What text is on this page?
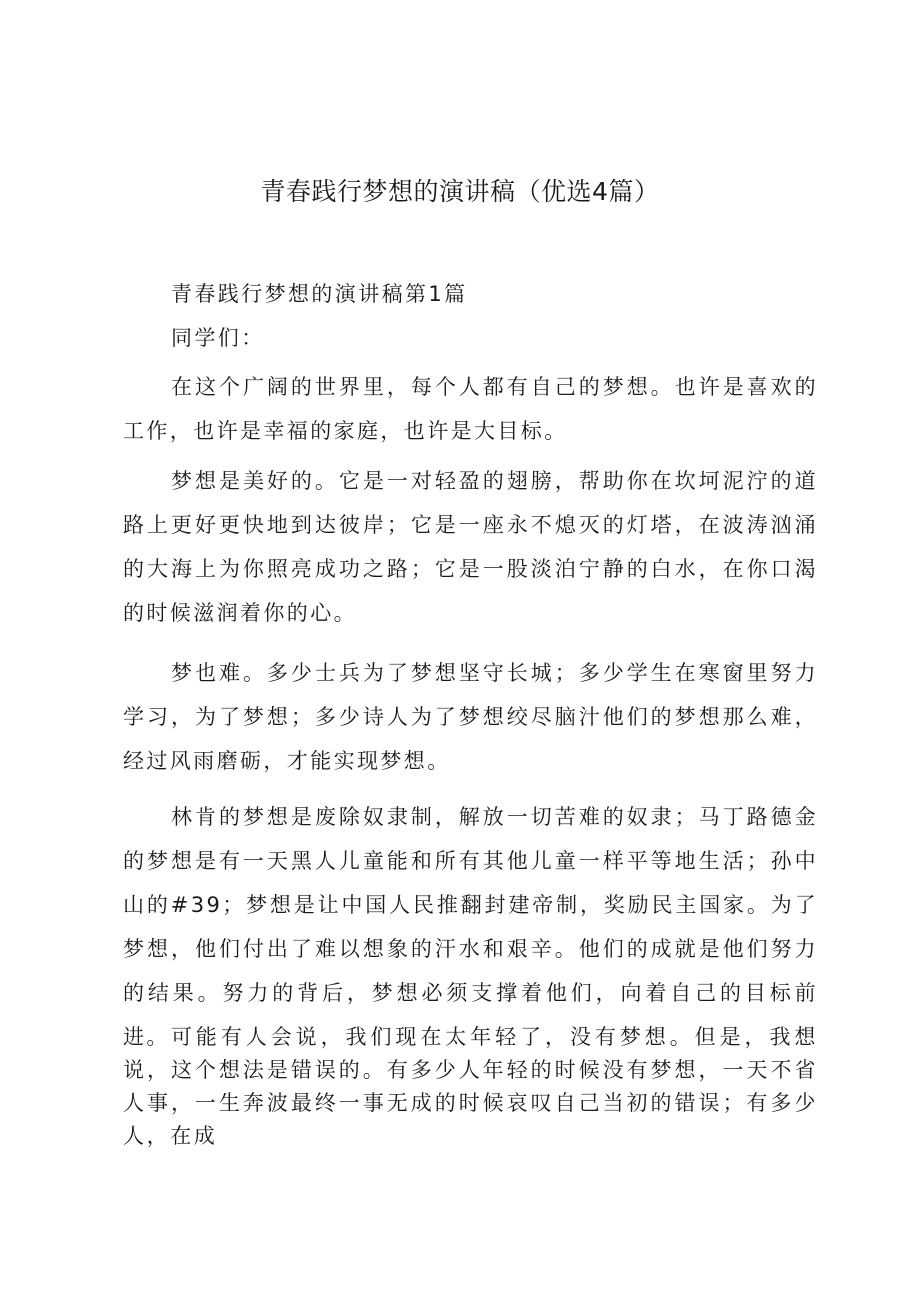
青春践行梦想的演讲稿（优选4篇）

青春践行梦想的演讲稿第1篇

同学们：

在这个广阔的世界里，每个人都有自己的梦想。也许是喜欢的工作，也许是幸福的家庭，也许是大目标。

梦想是美好的。它是一对轻盈的翅膀，帮助你在坎坷泥泞的道路上更好更快地到达彼岸；它是一座永不熄灭的灯塔，在波涛汹涌的大海上为你照亮成功之路；它是一股淡泊宁静的白水，在你口渴的时候滋润着你的心。

梦也难。多少士兵为了梦想坚守长城；多少学生在寒窗里努力学习，为了梦想；多少诗人为了梦想绞尽脑汁他们的梦想那么难，经过风雨磨砺，才能实现梦想。

林肯的梦想是废除奴隶制，解放一切苦难的奴隶；马丁路德金的梦想是有一天黑人儿童能和所有其他儿童一样平等地生活；孙中山的#39；梦想是让中国人民推翻封建帝制，奖励民主国家。为了梦想，他们付出了难以想象的汗水和艰辛。他们的成就是他们努力的结果。努力的背后，梦想必须支撑着他们，向着自己的目标前进。 可能有人会说，我们现在太年轻了，没有梦想。但是，我想说，这个想法是错误的。有多少人年轻的时候没有梦想，一天不省人事，一生奔波最终一事无成的时候哀叹自己当初的错误；有多少人，在成
